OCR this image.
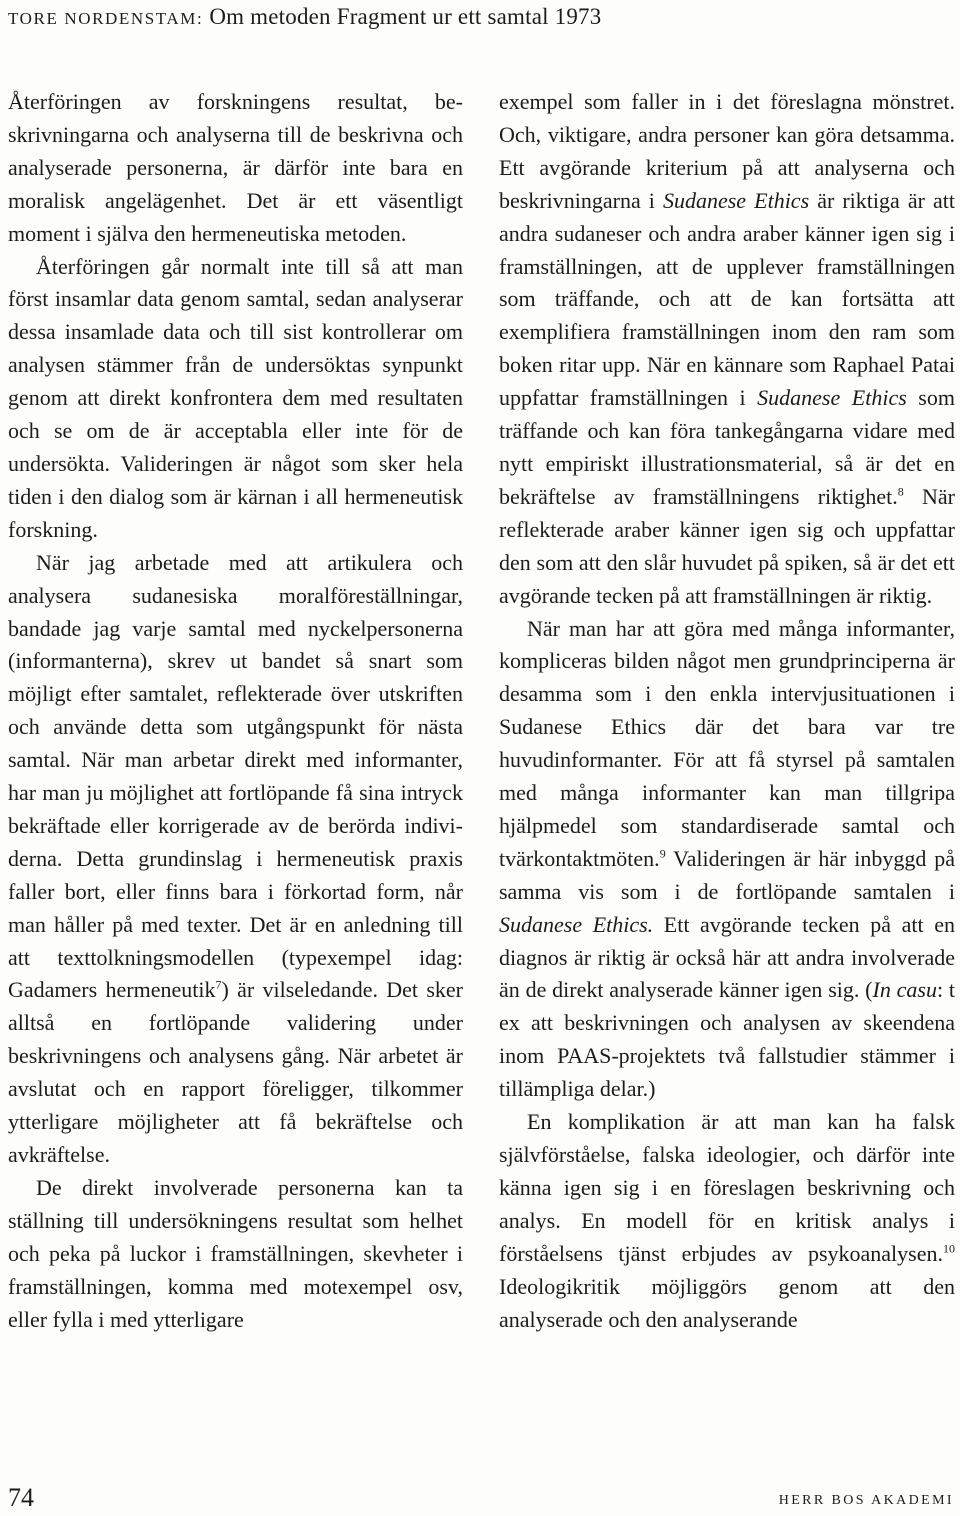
TORE NORDENSTAM: Om metoden Fragment ur ett samtal 1973

Återföringen av forskningens resultat, beskrivningarna och analyserna till de beskrivna och analyserade personerna, är därför inte bara en moralisk angelägenhet. Det är ett väsentligt moment i själva den hermeneutiska metoden.

Återföringen går normalt inte till så att man först insamlar data genom samtal, sedan analyserar dessa insamlade data och till sist kontrollerar om analysen stämmer från de undersöktas synpunkt genom att direkt konfrontera dem med resultaten och se om de är acceptabla eller inte för de undersökta. Valideringen är något som sker hela tiden i den dialog som är kärnan i all hermeneutisk forskning.

När jag arbetade med att artikulera och analysera sudanesiska moralföreställningar, bandade jag varje samtal med nyckelpersonerna (informanterna), skrev ut bandet så snart som möjligt efter samtalet, reflekterade över utskriften och använde detta som utgångspunkt för nästa samtal. När man arbetar direkt med informanter, har man ju möjlighet att fortlöpande få sina intryck bekräftade eller korrigerade av de berörda individerna. Detta grundinslag i hermeneutisk praxis faller bort, eller finns bara i förkortad form, når man håller på med texter. Det är en anledning till att texttolkningsmodellen (typexempel idag: Gadamers hermeneutik$^7$) är vilseledande. Det sker alltså en fortlöpande validering under beskrivningens och analysens gång. När arbetet är avslutat och en rapport föreligger, tilkommer ytterligare möjligheter att få bekräftelse och avkräftelse.

De direkt involverade personerna kan ta ställning till undersökningens resultat som helhet och peka på luckor i framställningen, skevheter i framställningen, komma med motexempel osv, eller fylla i med ytterligare

exempel som faller in i det föreslagna mönstret. Och, viktigare, andra personer kan göra detsamma. Ett avgörande kriterium på att analyserna och beskrivningarna i Sudanese Ethics är riktiga är att andra sudaneser och andra araber känner igen sig i framställningen, att de upplever framställningen som träffande, och att de kan fortsätta att exemplifiera framställningen inom den ram som boken ritar upp. När en kännare som Raphael Patai uppfattar framställningen i Sudanese Ethics som träffande och kan föra tankegångarna vidare med nytt empiriskt illustrationsmaterial, så är det en bekräftelse av framställningens riktighet.$^8$ När reflekterade araber känner igen sig och uppfattar den som att den slår huvudet på spiken, så är det ett avgörande tecken på att framställningen är riktig.

När man har att göra med många informanter, kompliceras bilden något men grundprinciperna är desamma som i den enkla intervjusituationen i Sudanese Ethics där det bara var tre huvudinformanter. För att få styrsel på samtalen med många informanter kan man tillgripa hjälpmedel som standardiserade samtal och tvärkontaktmöten.$^9$ Valideringen är här inbyggd på samma vis som i de fortlöpande samtalen i Sudanese Ethics. Ett avgörande tecken på att en diagnos är riktig är också här att andra involverade än de direkt analyserade känner igen sig. (In casu: t ex att beskrivningen och analysen av skeendena inom PAAS-projektets två fallstudier stämmer i tillämpliga delar.)

En komplikation är att man kan ha falsk självförståelse, falska ideologier, och därför inte känna igen sig i en föreslagen beskrivning och analys. En modell för en kritisk analys i förståelsens tjänst erbjudes av psykoanalysen.$^{10}$ Ideologikritik möjliggörs genom att den analyserade och den analyserande

74	HERR BOS AKADEMI
